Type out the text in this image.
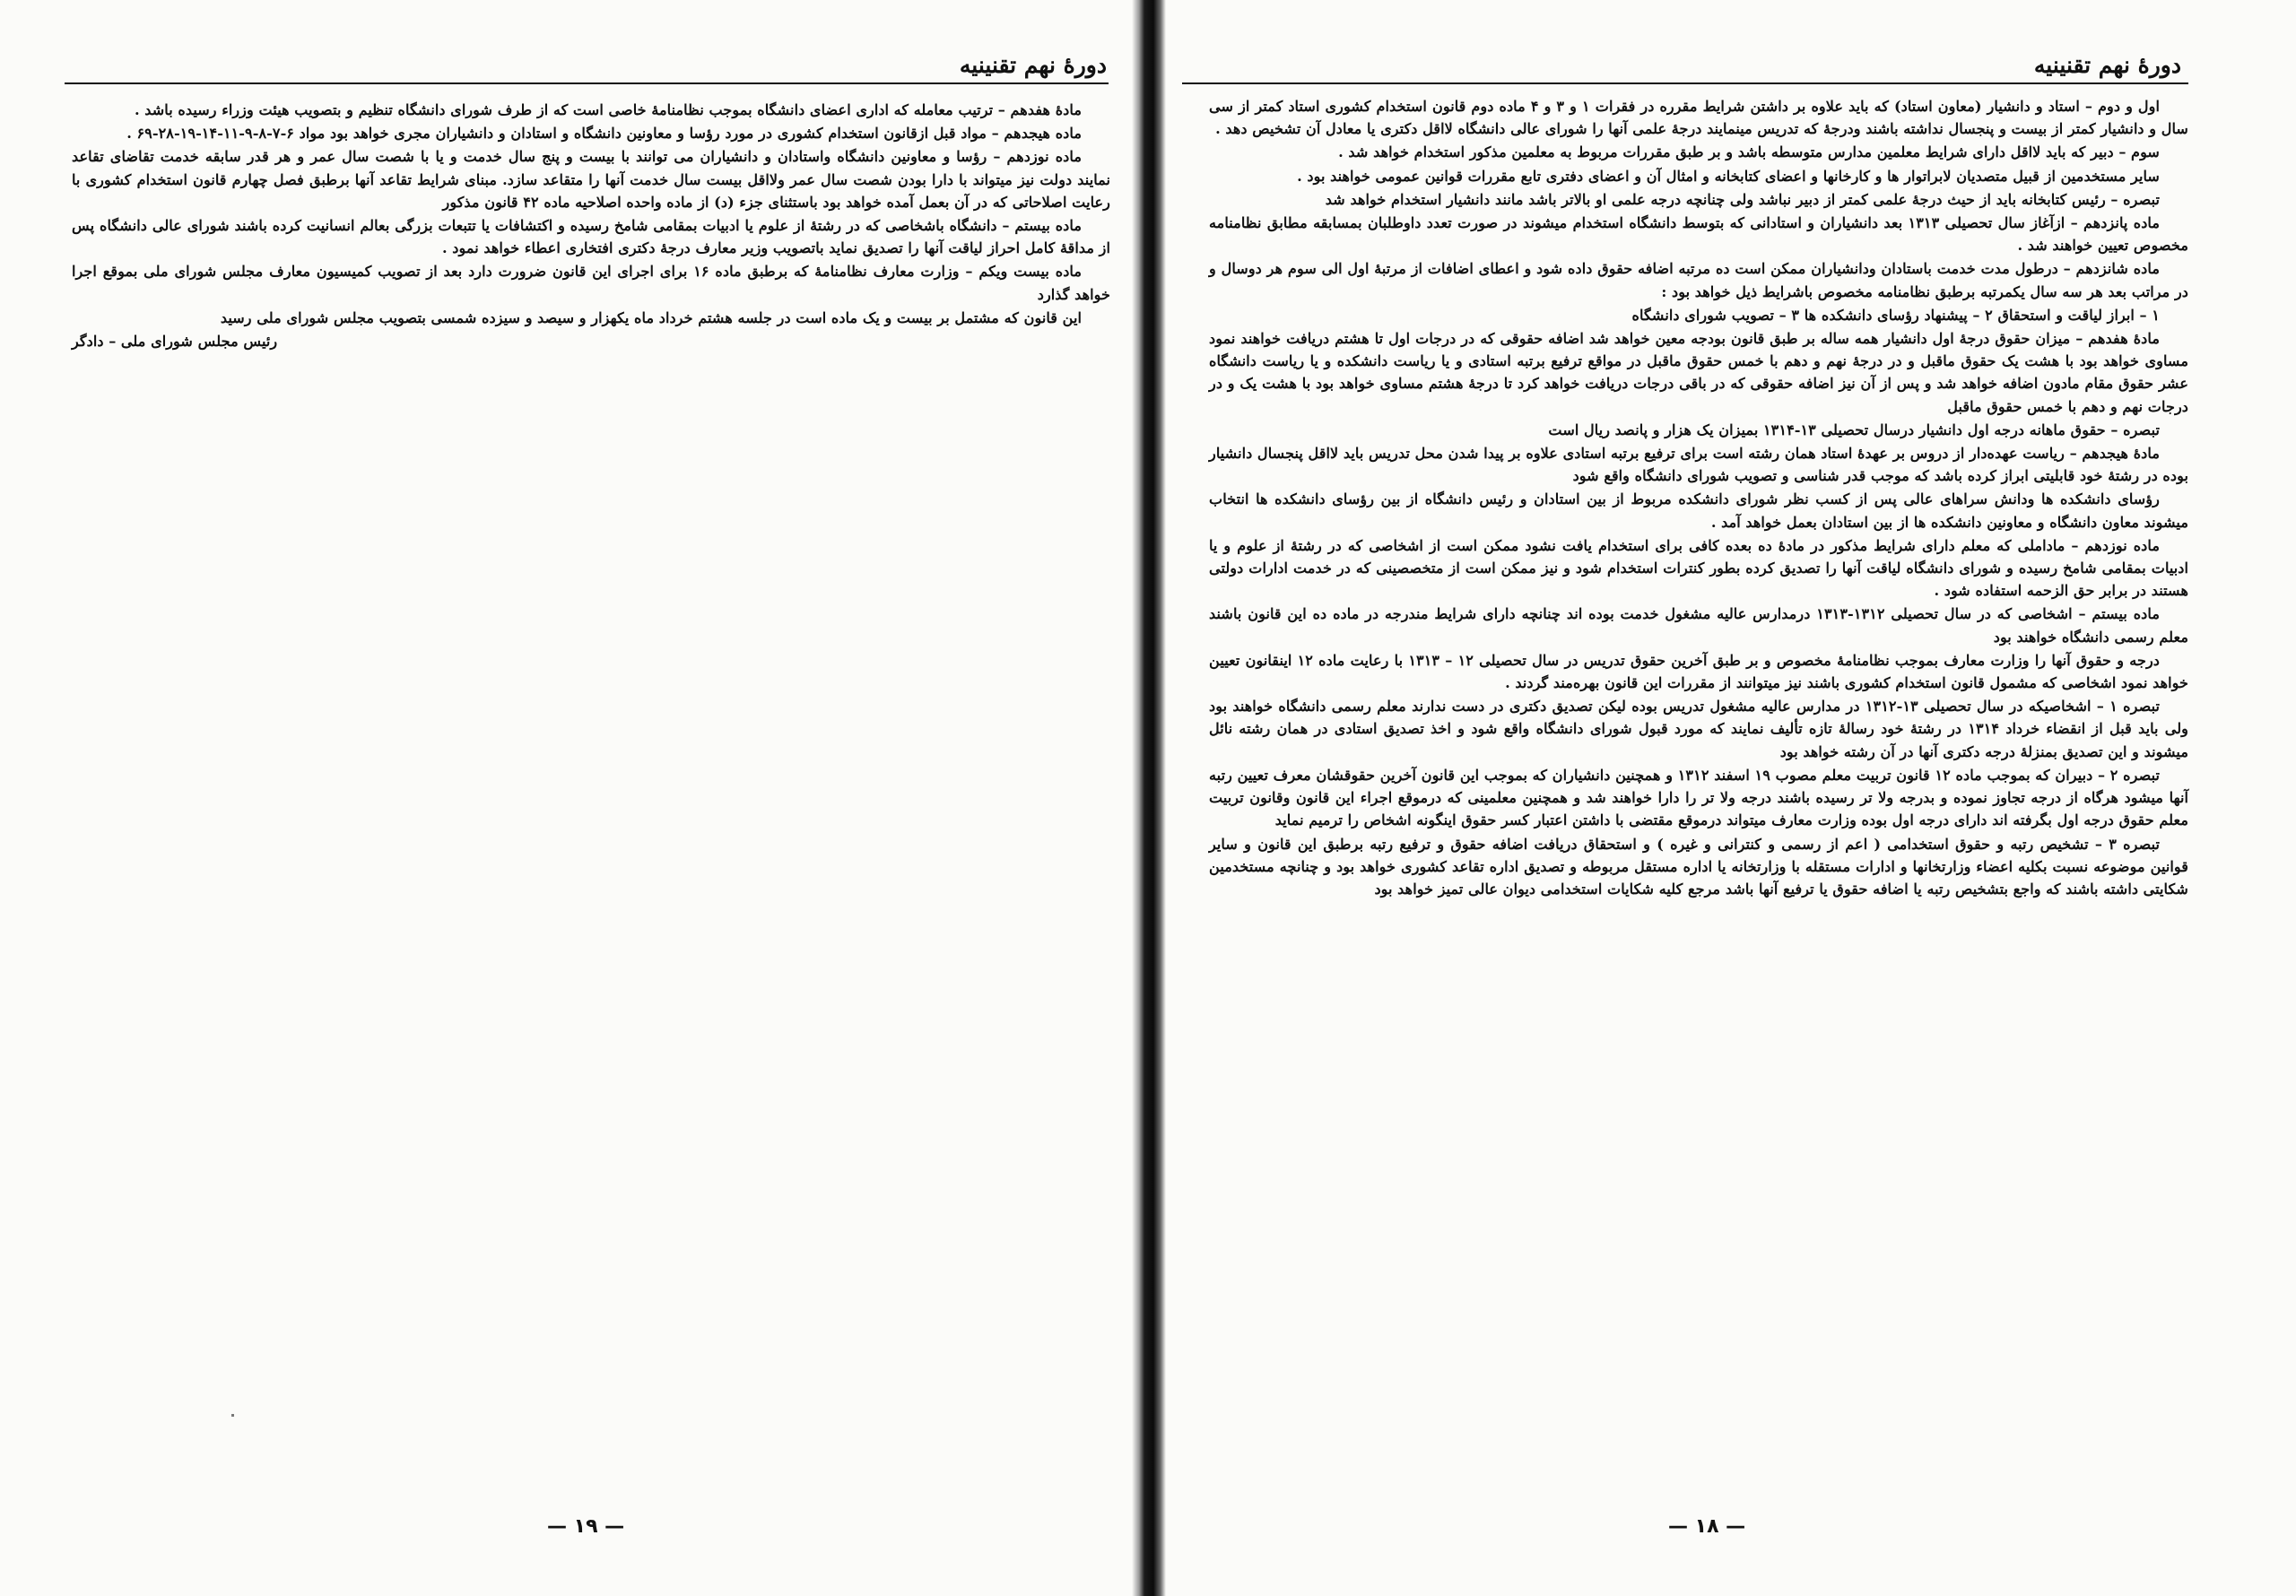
دورهٔ نهم تقنینیه

مادهٔ هفدهم – ترتیب معامله که اداری اعضای دانشگاه بموجب نظامنامهٔ خاصی است که از طرف شورای دانشگاه تنظیم و بتصویب هیئت وزراء رسیده باشد .

ماده هیجدهم – مواد قبل ازقانون استخدام کشوری در مورد رؤسا و معاونین دانشگاه و استادان و دانشیاران مجری خواهد بود مواد ۶-۷-۸-۹-۱۱-۱۴-۱۹-۲۸-۶۹ .

ماده نوزدهم – رؤسا و معاونین دانشگاه واستادان و دانشیاران می توانند با بیست و پنج سال خدمت و یا با شصت سال عمر و هر قدر سابقه خدمت تقاضای تقاعد نمایند دولت نیز میتواند با دارا بودن شصت سال عمر ولااقل بیست سال خدمت آنها را متقاعد سازد. مبنای شرایط تقاعد آنها برطبق فصل چهارم قانون استخدام کشوری با رعایت اصلاحاتی که در آن بعمل آمده خواهد بود باستثنای جزء (د) از ماده واحده اصلاحیه ماده ۴۲ قانون مذکور

ماده بیستم – دانشگاه باشخاصی که در رشتهٔ از علوم یا ادبیات بمقامی شامخ رسیده و اکتشافات یا تتبعات بزرگی بعالم انسانیت کرده باشند شورای عالی دانشگاه پس از مداقهٔ کامل احراز لیاقت آنها را تصدیق نماید باتصویب وزیر معارف درجهٔ دکتری افتخاری اعطاء خواهد نمود .

ماده بیست ویکم – وزارت معارف نظامنامهٔ که برطبق ماده ۱۶ برای اجرای این قانون ضرورت دارد بعد از تصویب کمیسیون معارف مجلس شورای ملی بموقع اجرا خواهد گذارد

این قانون که مشتمل بر بیست و یک ماده است در جلسه هشتم خرداد ماه یکهزار و سیصد و سیزده شمسی بتصویب مجلس شورای ملی رسید

رئیس مجلس شورای ملی – دادگر

— ۱۹ —
دورهٔ نهم تقنینیه

اول و دوم – استاد و دانشیار (معاون استاد) که باید علاوه بر داشتن شرایط مقرره در فقرات ۱ و ۳ و ۴ ماده دوم قانون استخدام کشوری استاد کمتر از سی سال و دانشیار کمتر از بیست و پنجسال نداشته باشند ودرجهٔ که تدریس مینمایند درجهٔ علمی آنها را شورای عالی دانشگاه لااقل دکتری یا معادل آن تشخیص دهد .

سوم – دبیر که باید لااقل دارای شرایط معلمین مدارس متوسطه باشد و بر طبق مقررات مربوط به معلمین مذکور استخدام خواهد شد .

سایر مستخدمین از قبیل متصدیان لابراتوار ها و کارخانها و اعضای کتابخانه و امثال آن و اعضای دفتری تابع مقررات قوانین عمومی خواهند بود .

تبصره – رئیس کتابخانه باید از حیث درجهٔ علمی کمتر از دبیر نباشد ولی چنانچه درجه علمی او بالاتر باشد مانند دانشیار استخدام خواهد شد

ماده پانزدهم – ازآغاز سال تحصیلی ۱۳۱۳ بعد دانشیاران و استادانی که بتوسط دانشگاه استخدام میشوند در صورت تعدد داوطلبان بمسابقه مطابق نظامنامه مخصوص تعیین خواهند شد .

ماده شانزدهم – درطول مدت خدمت باستادان ودانشیاران ممکن است ده مرتبه اضافه حقوق داده شود و اعطای اضافات از مرتبهٔ اول الی سوم هر دوسال و در مراتب بعد هر سه سال یکمرتبه برطبق نظامنامه مخصوص باشرایط ذیل خواهد بود :

۱ – ابراز لیاقت و استحقاق ۲ – پیشنهاد رؤسای دانشکده ها ۳ – تصویب شورای دانشگاه

مادهٔ هفدهم – میزان حقوق درجهٔ اول دانشیار همه ساله بر طبق قانون بودجه معین خواهد شد اضافه حقوقی که در درجات اول تا هشتم دریافت خواهند نمود مساوی خواهد بود با هشت یک حقوق ماقبل و در درجهٔ نهم و دهم با خمس حقوق ماقبل در مواقع ترفیع برتبه استادی و یا ریاست دانشکده و یا ریاست دانشگاه عشر حقوق مقام مادون اضافه خواهد شد و پس از آن نیز اضافه حقوقی که در باقی درجات دریافت خواهد کرد تا درجهٔ هشتم مساوی خواهد بود با هشت یک و در درجات نهم و دهم با خمس حقوق ماقبل

تبصره – حقوق ماهانه درجه اول دانشیار درسال تحصیلی ۱۳-۱۳۱۴ بمیزان یک هزار و پانصد ریال است

مادهٔ هیجدهم – ریاست عهده‌دار از دروس بر عهدهٔ استاد همان رشته است برای ترفیع برتبه استادی علاوه بر پیدا شدن محل تدریس باید لااقل پنجسال دانشیار بوده در رشتهٔ خود قابلیتی ابراز کرده باشد که موجب قدر شناسی و تصویب شورای دانشگاه واقع شود

رؤسای دانشکده ها ودانش سراهای عالی پس از کسب نظر شورای دانشکده مربوط از بین استادان و رئیس دانشگاه از بین رؤسای دانشکده ها انتخاب میشوند معاون دانشگاه و معاونین دانشکده ها از بین استادان بعمل خواهد آمد .

ماده نوزدهم – ماداملی که معلم دارای شرایط مذکور در مادهٔ ده بعده کافی برای استخدام یافت نشود ممکن است از اشخاصی که در رشتهٔ از علوم و یا ادبیات بمقامی شامخ رسیده و شورای دانشگاه لیاقت آنها را تصدیق کرده بطور کنترات استخدام شود و نیز ممکن است از متخصصینی که در خدمت ادارات دولتی هستند در برابر حق الزحمه استفاده شود .

ماده بیستم – اشخاصی که در سال تحصیلی ۱۳۱۲-۱۳۱۳ درمدارس عالیه مشغول خدمت بوده اند چنانچه دارای شرایط مندرجه در ماده ده این قانون باشند معلم رسمی دانشگاه خواهند بود

درجه و حقوق آنها را وزارت معارف بموجب نظامنامهٔ مخصوص و بر طبق آخرین حقوق تدریس در سال تحصیلی ۱۲ – ۱۳۱۳ با رعایت ماده ۱۲ اینقانون تعیین خواهد نمود اشخاصی که مشمول قانون استخدام کشوری باشند نیز میتوانند از مقررات این قانون بهره‌مند گردند .

تبصره ۱ – اشخاصیکه در سال تحصیلی ۱۳-۱۳۱۲ در مدارس عالیه مشغول تدریس بوده لیکن تصدیق دکتری در دست ندارند معلم رسمی دانشگاه خواهند بود ولی باید قبل از انقضاء خرداد ۱۳۱۴ در رشتهٔ خود رسالهٔ تازه تألیف نمایند که مورد قبول شورای دانشگاه واقع شود و اخذ تصدیق استادی در همان رشته نائل میشوند و این تصدیق بمنزلهٔ درجه دکتری آنها در آن رشته خواهد بود

تبصره ۲ – دبیران که بموجب ماده ۱۲ قانون تربیت معلم مصوب ۱۹ اسفند ۱۳۱۲ و همچنین دانشیاران که بموجب این قانون آخرین حقوقشان معرف تعیین رتبه آنها میشود هرگاه از درجه تجاوز نموده و بدرجه ولا تر رسیده باشند درجه ولا تر را دارا خواهند شد و همچنین معلمینی که درموقع اجراء این قانون وقانون تربیت معلم حقوق درجه اول بگرفته اند دارای درجه اول بوده وزارت معارف میتواند درموقع مقتضی با داشتن اعتبار کسر حقوق اینگونه اشخاص را ترمیم نماید

تبصره ۳ – تشخیص رتبه و حقوق استخدامی ( اعم از رسمی و کنترانی و غیره ) و استحقاق دریافت اضافه حقوق و ترفیع رتبه برطبق این قانون و سایر قوانین موضوعه نسبت بکلیه اعضاء وزارتخانها و ادارات مستقله با وزارتخانه یا اداره مستقل مربوطه و تصدیق اداره تقاعد کشوری خواهد بود و چنانچه مستخدمین شکایتی داشته باشند که واجع بتشخیص رتبه یا اضافه حقوق یا ترفیع آنها باشد مرجع کلیه شکایات استخدامی دیوان عالی تمیز خواهد بود

— ۱۸ —
